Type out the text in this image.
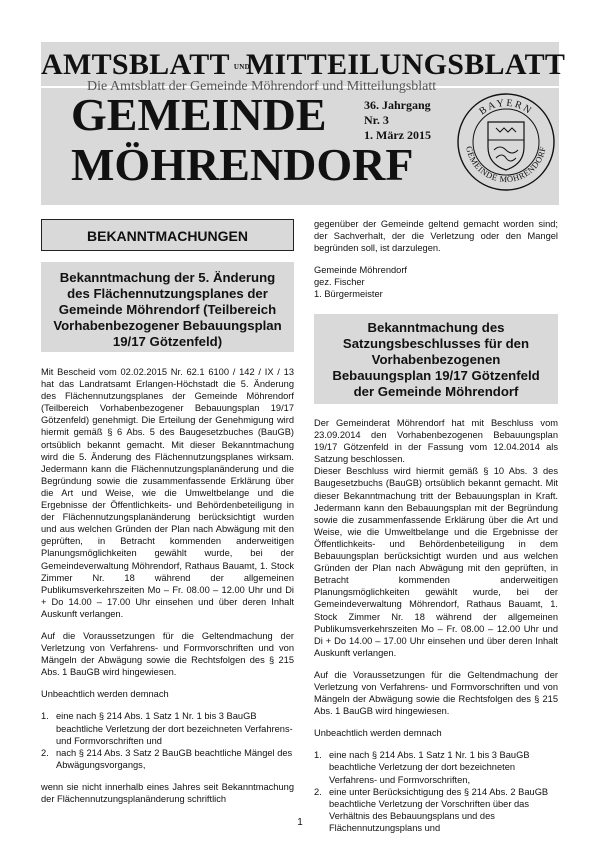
AMTSBLATT UNDMITTEILUNGSBLATT
Die Amtsblatt der Gemeinde Möhrendorf und Mitteilungsblatt
GEMEINDE
MÖHRENDORF
36. Jahrgang
Nr. 3
1. März 2015
BAYERN
GEMEINDE MÖHRENDORF
BEKANNTMACHUNGEN
Bekanntmachung der 5. Änderung des Flächennutzungsplanes der Gemeinde Möhrendorf (Teilbereich Vorhabenbezogener Bebauungsplan 19/17 Götzenfeld)

Mit Bescheid vom 02.02.2015 Nr. 62.1 6100 / 142 / IX / 13 hat das Landratsamt Erlangen-Höchstadt die 5. Änderung des Flächennutzungsplanes der Gemeinde Möhrendorf (Teilbereich Vorhabenbezogener Bebauungsplan 19/17 Götzenfeld) genehmigt. Die Erteilung der Genehmigung wird hiermit gemäß § 6 Abs. 5 des Baugesetzbuches (BauGB) ortsüblich bekannt gemacht. Mit dieser Bekanntmachung wird die 5. Änderung des Flächennutzungsplanes wirksam. Jedermann kann die Flächennutzungsplanänderung und die Begründung sowie die zusammenfassende Erklärung über die Art und Weise, wie die Umweltbelange und die Ergebnisse der Öffentlichkeits- und Behördenbeteiligung in der Flächennutzungsplanänderung berücksichtigt wurden und aus welchen Gründen der Plan nach Abwägung mit den geprüften, in Betracht kommenden anderweitigen Planungsmöglichkeiten gewählt wurde, bei der Gemeindeverwaltung Möhrendorf, Rathaus Bauamt, 1. Stock Zimmer Nr. 18 während der allgemeinen Publikumsverkehrszeiten Mo – Fr. 08.00 – 12.00 Uhr und Di + Do 14.00 – 17.00 Uhr einsehen und über deren Inhalt Auskunft verlangen.

Auf die Voraussetzungen für die Geltendmachung der Verletzung von Verfahrens- und Formvorschriften und von Mängeln der Abwägung sowie die Rechtsfolgen des § 215 Abs. 1 BauGB wird hingewiesen.

Unbeachtlich werden demnach

1. eine nach § 214 Abs. 1 Satz 1 Nr. 1 bis 3 BauGB beachtliche Verletzung der dort bezeichneten Verfahrens- und Formvorschriften und
2. nach § 214 Abs. 3 Satz 2 BauGB beachtliche Mängel des Abwägungsvorgangs,

wenn sie nicht innerhalb eines Jahres seit Bekanntmachung der Flächennutzungsplanänderung schriftlich

gegenüber der Gemeinde geltend gemacht worden sind; der Sachverhalt, der die Verletzung oder den Mangel begründen soll, ist darzulegen.

Gemeinde Möhrendorf
gez. Fischer
1. Bürgermeister
Bekanntmachung des Satzungsbeschlusses für den Vorhabenbezogenen Bebauungsplan 19/17 Götzenfeld der Gemeinde Möhrendorf

Der Gemeinderat Möhrendorf hat mit Beschluss vom 23.09.2014 den Vorhabenbezogenen Bebauungsplan 19/17 Götzenfeld in der Fassung vom 12.04.2014 als Satzung beschlossen.

Dieser Beschluss wird hiermit gemäß § 10 Abs. 3 des Baugesetzbuchs (BauGB) ortsüblich bekannt gemacht. Mit dieser Bekanntmachung tritt der Bebauungsplan in Kraft. Jedermann kann den Bebauungsplan mit der Begründung sowie die zusammenfassende Erklärung über die Art und Weise, wie die Umweltbelange und die Ergebnisse der Öffentlichkeits- und Behördenbeteiligung in dem Bebauungsplan berücksichtigt wurden und aus welchen Gründen der Plan nach Abwägung mit den geprüften, in Betracht kommenden anderweitigen Planungsmöglichkeiten gewählt wurde, bei der Gemeindeverwaltung Möhrendorf, Rathaus Bauamt, 1. Stock Zimmer Nr. 18 während der allgemeinen Publikumsverkehrszeiten Mo – Fr. 08.00 – 12.00 Uhr und Di + Do 14.00 – 17.00 Uhr einsehen und über deren Inhalt Auskunft verlangen.

Auf die Voraussetzungen für die Geltendmachung der Verletzung von Verfahrens- und Formvorschriften und von Mängeln der Abwägung sowie die Rechtsfolgen des § 215 Abs. 1 BauGB wird hingewiesen.

Unbeachtlich werden demnach

1. eine nach § 214 Abs. 1 Satz 1 Nr. 1 bis 3 BauGB beachtliche Verletzung der dort bezeichneten Verfahrens- und Formvorschriften,
2. eine unter Berücksichtigung des § 214 Abs. 2 BauGB beachtliche Verletzung der Vorschriften über das Verhältnis des Bebauungsplans und des Flächennutzungsplans und
1
